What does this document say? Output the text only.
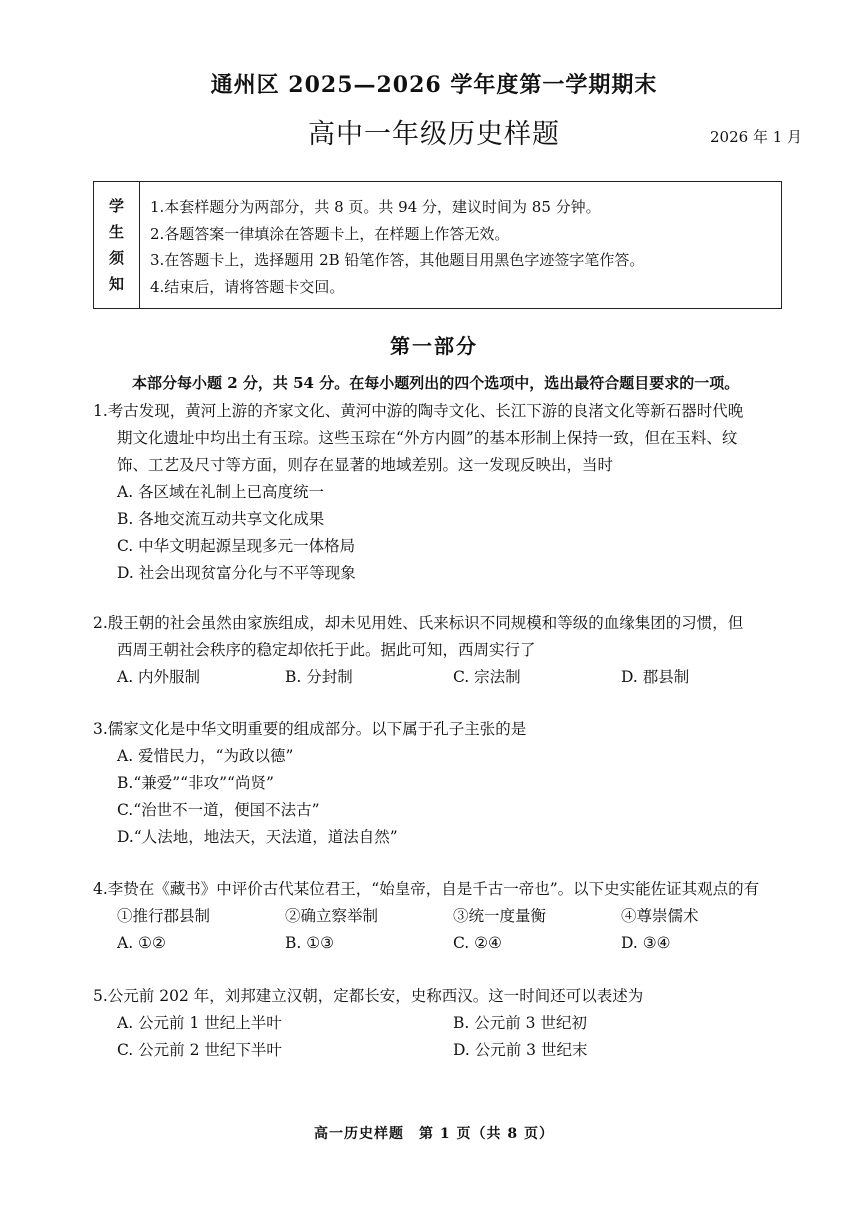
通州区 2025—2026 学年度第一学期期末
高中一年级历史样题	2026 年 1 月
学
生
须
知
1.本套样题分为两部分，共 8 页。共 94 分，建议时间为 85 分钟。
2.各题答案一律填涂在答题卡上，在样题上作答无效。
3.在答题卡上，选择题用 2B 铅笔作答，其他题目用黑色字迹签字笔作答。
4.结束后，请将答题卡交回。
第一部分
本部分每小题 2 分，共 54 分。在每小题列出的四个选项中，选出最符合题目要求的一项。
1.考古发现，黄河上游的齐家文化、黄河中游的陶寺文化、长江下游的良渚文化等新石器时代晚
期文化遗址中均出土有玉琮。这些玉琮在“外方内圆”的基本形制上保持一致，但在玉料、纹
饰、工艺及尺寸等方面，则存在显著的地域差别。这一发现反映出，当时
A. 各区域在礼制上已高度统一
B. 各地交流互动共享文化成果
C. 中华文明起源呈现多元一体格局
D. 社会出现贫富分化与不平等现象
2.殷王朝的社会虽然由家族组成，却未见用姓、氏来标识不同规模和等级的血缘集团的习惯，但
西周王朝社会秩序的稳定却依托于此。据此可知，西周实行了
A. 内外服制	B. 分封制	C. 宗法制	D. 郡县制
3.儒家文化是中华文明重要的组成部分。以下属于孔子主张的是
A. 爱惜民力，“为政以德”
B.“兼爱”“非攻”“尚贤”
C.“治世不一道，便国不法古”
D.“人法地，地法天，天法道，道法自然”
4.李贽在《藏书》中评价古代某位君王，“始皇帝，自是千古一帝也”。以下史实能佐证其观点的有
①推行郡县制	②确立察举制	③统一度量衡	④尊崇儒术
A. ①②	B. ①③	C. ②④	D. ③④
5.公元前 202 年，刘邦建立汉朝，定都长安，史称西汉。这一时间还可以表述为
A. 公元前 1 世纪上半叶	B. 公元前 3 世纪初
C. 公元前 2 世纪下半叶	D. 公元前 3 世纪末
高一历史样题　第 1 页（共 8 页）
